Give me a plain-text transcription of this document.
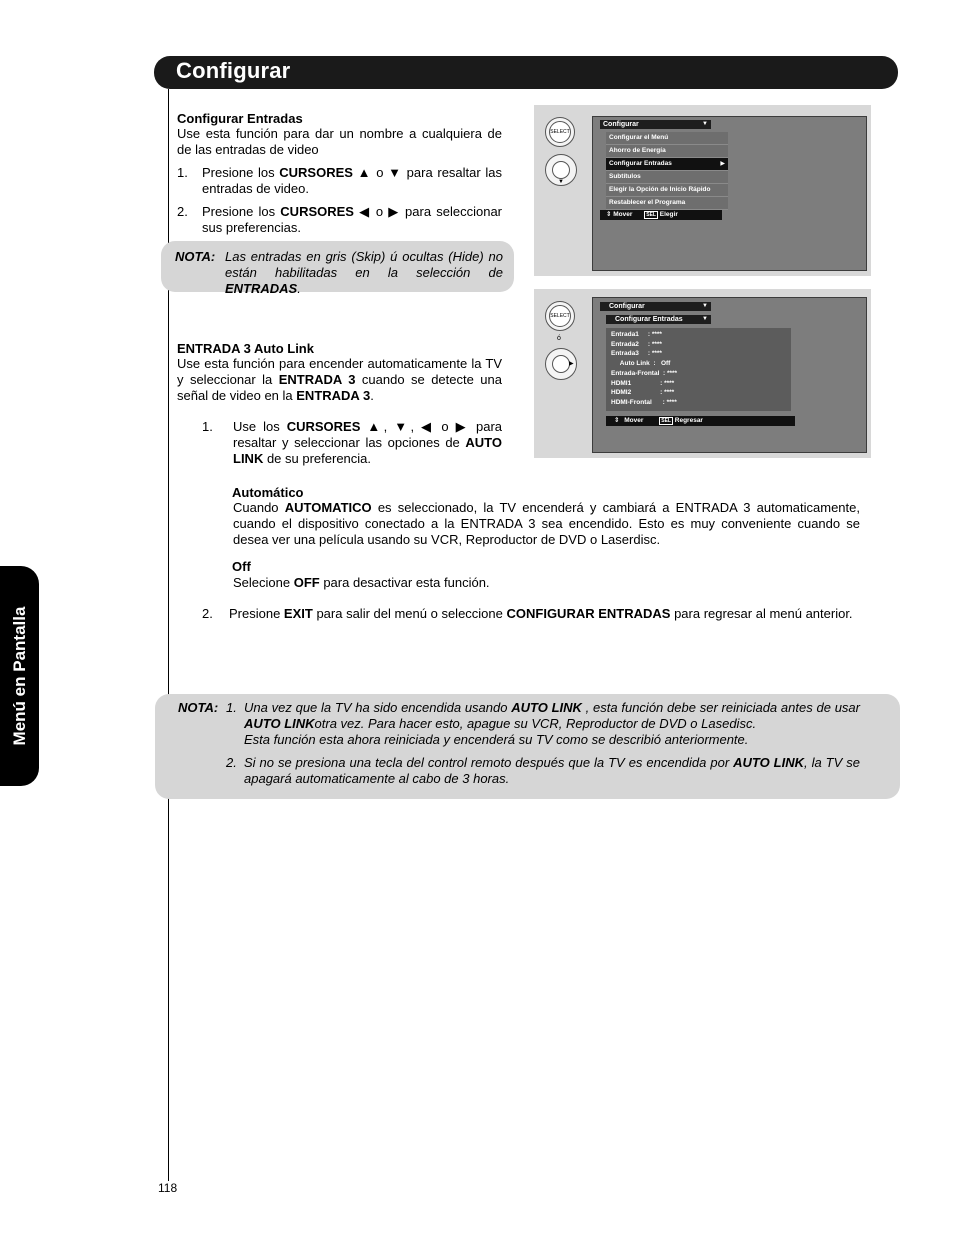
Configurar
Menú en Pantalla
Configurar Entradas
Use esta función para dar un nombre a cualquiera de de las entradas de video
1. Presione los CURSORES ▲ o ▼ para resaltar las entradas de video.
2. Presione los CURSORES ◀ o ▶ para seleccionar sus preferencias.
NOTA: Las entradas en gris (Skip) ú ocultas (Hide) no están habilitadas en la selección de ENTRADAS.
ENTRADA 3 Auto Link
Use esta función para encender automaticamente la TV y seleccionar la ENTRADA 3 cuando se detecte una señal de video en la ENTRADA 3.
1. Use los CURSORES ▲, ▼, ◀ o ▶ para resaltar y seleccionar las opciones de AUTO LINK de su preferencia.
Automático
Cuando AUTOMATICO es seleccionado, la TV encenderá y cambiará a ENTRADA 3 automaticamente, cuando el dispositivo conectado a la ENTRADA 3 sea encendido. Esto es muy conveniente cuando se desea ver una película usando su VCR, Reproductor de DVD o Laserdisc.
Off
Selecione OFF para desactivar esta función.
2. Presione EXIT para salir del menú o seleccione CONFIGURAR ENTRADAS para regresar al menú anterior.
NOTA: 1. Una vez que la TV ha sido encendida usando AUTO LINK , esta función debe ser reiniciada antes de usar AUTO LINKotra vez. Para hacer esto, apague su VCR, Reproductor de DVD o Lasedisc.
Esta función esta ahora reiniciada y encenderá su TV como se describió anteriormente.
2. Si no se presiona una tecla del control remoto después que la TV es encendida por AUTO LINK, la TV se apagará automaticamente al cabo de 3 horas.
SELECT
▼
Configurar	▼
Configurar el Menú
Ahorro de Energía
Configurar Entradas	▶
Subtítulos
Elegir la Opción de Inicio Rápido
Restablecer el Programa
⇕ Mover	SEL Elegir
SELECT
ó
▶
Configurar	▼
Configurar Entradas	▼
Entrada1     : ****
Entrada2     : ****
Entrada3     : ****
Auto Link  :   Off
Entrada-Frontal  : ****
HDMI1                : ****
HDMI2                : ****
HDMI-Frontal      : ****
⇕ Mover	SEL Regresar
118
